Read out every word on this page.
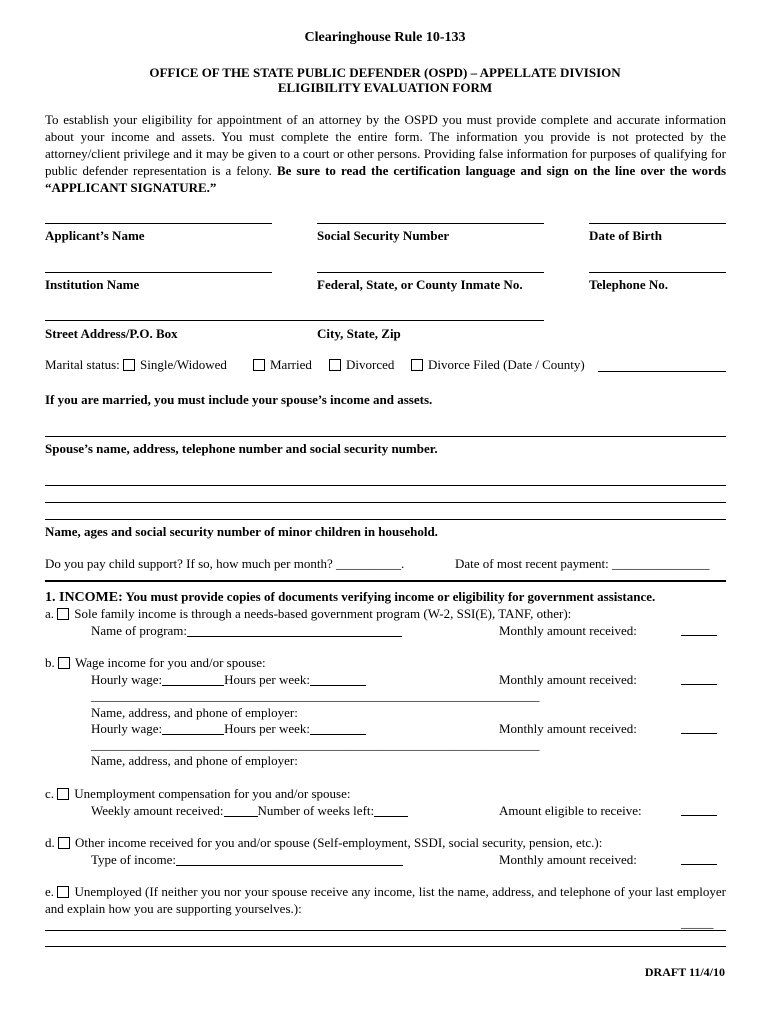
Clearinghouse Rule 10-133
OFFICE OF THE STATE PUBLIC DEFENDER (OSPD) – APPELLATE DIVISION
ELIGIBILITY EVALUATION FORM
To establish your eligibility for appointment of an attorney by the OSPD you must provide complete and accurate information about your income and assets. You must complete the entire form. The information you provide is not protected by the attorney/client privilege and it may be given to a court or other persons. Providing false information for purposes of qualifying for public defender representation is a felony. Be sure to read the certification language and sign on the line over the words “APPLICANT SIGNATURE.”
Applicant’s Name	Social Security Number	Date of Birth
Institution Name	Federal, State, or County Inmate No.	Telephone No.
Street Address/P.O. Box	City, State, Zip
Marital status: Single/Widowed	Married	Divorced	Divorce Filed (Date / County)
If you are married, you must include your spouse’s income and assets.
Spouse’s name, address, telephone number and social security number.
Name, ages and social security number of minor children in household.
Do you pay child support? If so, how much per month? __________.	Date of most recent payment: _______________
1. INCOME: You must provide copies of documents verifying income or eligibility for government assistance.
a. Sole family income is through a needs-based government program (W-2, SSI(E), TANF, other):
Name of program:	Monthly amount received:
b. Wage income for you and/or spouse:
Hourly wage:	Hours per week:	Monthly amount received:
_____________________________________________________________________
Name, address, and phone of employer:
Hourly wage:	Hours per week:	Monthly amount received:
_____________________________________________________________________
Name, address, and phone of employer:
c. Unemployment compensation for you and/or spouse:
Weekly amount received:	Number of weeks left:	Amount eligible to receive:
d. Other income received for you and/or spouse (Self-employment, SSDI, social security, pension, etc.):
Type of income:	Monthly amount received:
e. Unemployed (If neither you nor your spouse receive any income, list the name, address, and telephone of your last employer and explain how you are supporting yourselves.):
_____
DRAFT 11/4/10
